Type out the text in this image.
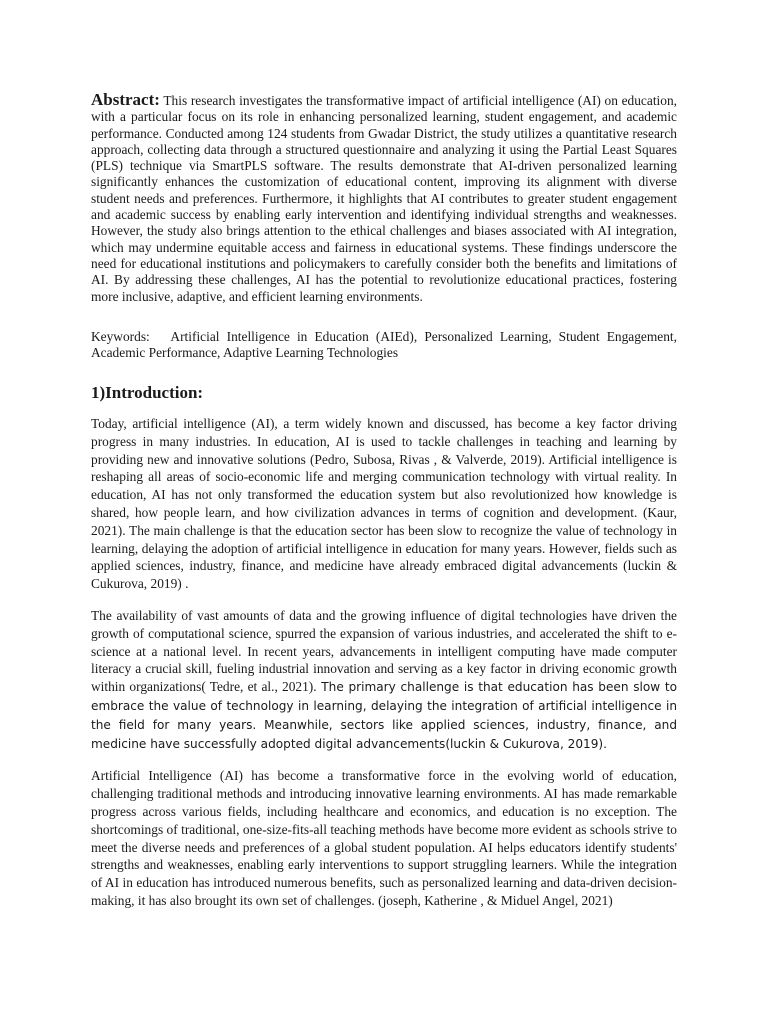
Abstract: This research investigates the transformative impact of artificial intelligence (AI) on education, with a particular focus on its role in enhancing personalized learning, student engagement, and academic performance. Conducted among 124 students from Gwadar District, the study utilizes a quantitative research approach, collecting data through a structured questionnaire and analyzing it using the Partial Least Squares (PLS) technique via SmartPLS software. The results demonstrate that AI-driven personalized learning significantly enhances the customization of educational content, improving its alignment with diverse student needs and preferences. Furthermore, it highlights that AI contributes to greater student engagement and academic success by enabling early intervention and identifying individual strengths and weaknesses. However, the study also brings attention to the ethical challenges and biases associated with AI integration, which may undermine equitable access and fairness in educational systems. These findings underscore the need for educational institutions and policymakers to carefully consider both the benefits and limitations of AI. By addressing these challenges, AI has the potential to revolutionize educational practices, fostering more inclusive, adaptive, and efficient learning environments.

Keywords: Artificial Intelligence in Education (AIEd), Personalized Learning, Student Engagement, Academic Performance, Adaptive Learning Technologies

1)Introduction:

Today, artificial intelligence (AI), a term widely known and discussed, has become a key factor driving progress in many industries. In education, AI is used to tackle challenges in teaching and learning by providing new and innovative solutions (Pedro, Subosa, Rivas , & Valverde, 2019). Artificial intelligence is reshaping all areas of socio-economic life and merging communication technology with virtual reality. In education, AI has not only transformed the education system but also revolutionized how knowledge is shared, how people learn, and how civilization advances in terms of cognition and development. (Kaur, 2021). The main challenge is that the education sector has been slow to recognize the value of technology in learning, delaying the adoption of artificial intelligence in education for many years. However, fields such as applied sciences, industry, finance, and medicine have already embraced digital advancements (luckin & Cukurova, 2019) .

The availability of vast amounts of data and the growing influence of digital technologies have driven the growth of computational science, spurred the expansion of various industries, and accelerated the shift to e-science at a national level. In recent years, advancements in intelligent computing have made computer literacy a crucial skill, fueling industrial innovation and serving as a key factor in driving economic growth within organizations( Tedre, et al., 2021). The primary challenge is that education has been slow to embrace the value of technology in learning, delaying the integration of artificial intelligence in the field for many years. Meanwhile, sectors like applied sciences, industry, finance, and medicine have successfully adopted digital advancements(luckin & Cukurova, 2019).

Artificial Intelligence (AI) has become a transformative force in the evolving world of education, challenging traditional methods and introducing innovative learning environments. AI has made remarkable progress across various fields, including healthcare and economics, and education is no exception. The shortcomings of traditional, one-size-fits-all teaching methods have become more evident as schools strive to meet the diverse needs and preferences of a global student population. AI helps educators identify students' strengths and weaknesses, enabling early interventions to support struggling learners. While the integration of AI in education has introduced numerous benefits, such as personalized learning and data-driven decision-making, it has also brought its own set of challenges. (joseph, Katherine , & Miduel Angel, 2021)
